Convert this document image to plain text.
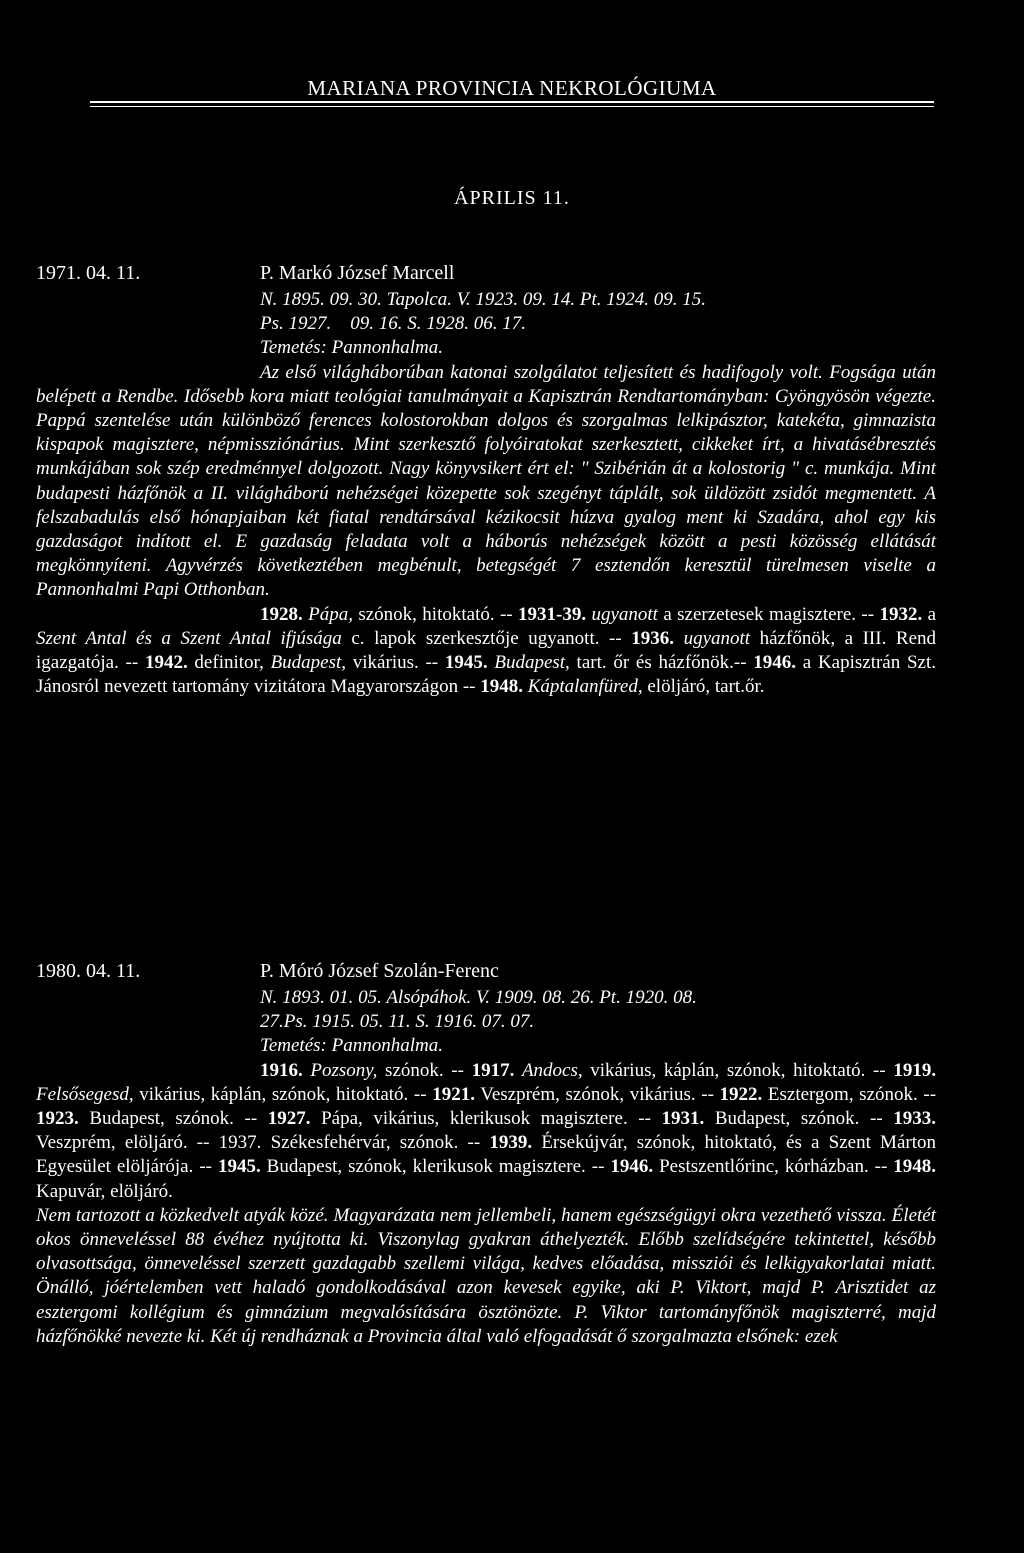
MARIANA PROVINCIA NEKROLÓGIUMA
ÁPRILIS 11.
1971. 04. 11.	P. Markó József Marcell
N. 1895. 09. 30. Tapolca. V. 1923. 09. 14. Pt. 1924. 09. 15.
Ps. 1927.    09. 16. S. 1928. 06. 17.
Temetés: Pannonhalma.
Az első világháborúban katonai szolgálatot teljesített és hadifogoly volt. Fogsága után belépett a Rendbe. Idősebb kora miatt teológiai tanulmányait a Kapisztrán Rendtartományban: Gyöngyösön végezte. Pappá szentelése után különböző ferences kolostorokban dolgos és szorgalmas lelkipásztor, katekéta, gimnazista kispapok magisztere, népmissziónárius. Mint szerkesztő folyóiratokat szerkesztett, cikkeket írt, a hivatásébresztés munkájában sok szép eredménnyel dolgozott. Nagy könyvsikert ért el: " Szibérián át a kolostorig " c. munkája. Mint budapesti házfőnök a II. világháború nehézségei közepette sok szegényt táplált, sok üldözött zsidót megmentett. A felszabadulás első hónapjaiban két fiatal rendtársával kézikocsit húzva gyalog ment ki Szadára, ahol egy kis gazdaságot indított el. E gazdaság feladata volt a háborús nehézségek között a pesti közösség ellátását megkönnyíteni. Agyvérzés következtében megbénult, betegségét 7 esztendőn keresztül türelmesen viselte a Pannonhalmi Papi Otthonban.
1928. Pápa, szónok, hitoktató. -- 1931-39. ugyanott a szerzetesek magisztere. -- 1932. a Szent Antal és a Szent Antal ifjúsága c. lapok szerkesztője ugyanott. -- 1936. ugyanott házfőnök, a III. Rend igazgatója. -- 1942. definitor, Budapest, vikárius. -- 1945. Budapest, tart. őr és házfőnök.-- 1946. a Kapisztrán Szt. Jánosról nevezett tartomány vizitátora Magyarországon -- 1948. Káptalanfüred, elöljáró, tart.őr.
1980. 04. 11.	P. Móró József Szolán-Ferenc
N. 1893. 01. 05. Alsópáhok. V. 1909. 08. 26. Pt. 1920. 08.
27.Ps. 1915. 05. 11. S. 1916. 07. 07.
Temetés: Pannonhalma.
1916. Pozsony, szónok. -- 1917. Andocs, vikárius, káplán, szónok, hitoktató. -- 1919. Felsősegesd, vikárius, káplán, szónok, hitoktató. -- 1921. Veszprém, szónok, vikárius. -- 1922. Esztergom, szónok. -- 1923. Budapest, szónok. -- 1927. Pápa, vikárius, klerikusok magisztere. -- 1931. Budapest, szónok. -- 1933. Veszprém, elöljáró. -- 1937. Székesfehérvár, szónok. -- 1939. Érsekújvár, szónok, hitoktató, és a Szent Márton Egyesület elöljárója. -- 1945. Budapest, szónok, klerikusok magisztere. -- 1946. Pestszentlőrinc, kórházban. -- 1948. Kapuvár, elöljáró.
Nem tartozott a közkedvelt atyák közé. Magyarázata nem jellembeli, hanem egészségügyi okra vezethető vissza. Életét okos önneveléssel 88 évéhez nyújtotta ki. Viszonylag gyakran áthelyezték. Előbb szelídségére tekintettel, később olvasottsága, önneveléssel szerzett gazdagabb szellemi világa, kedves előadása, missziói és lelkigyakorlatai miatt. Önálló, jóértelemben vett haladó gondolkodásával azon kevesek egyike, aki P. Viktort, majd P. Arisztidet az esztergomi kollégium és gimnázium megvalósítására ösztönözte. P. Viktor tartományfőnök magiszterré, majd házfőnökké nevezte ki. Két új rendháznak a Provincia által való elfogadását ő szorgalmazta elsőnek: ezek
